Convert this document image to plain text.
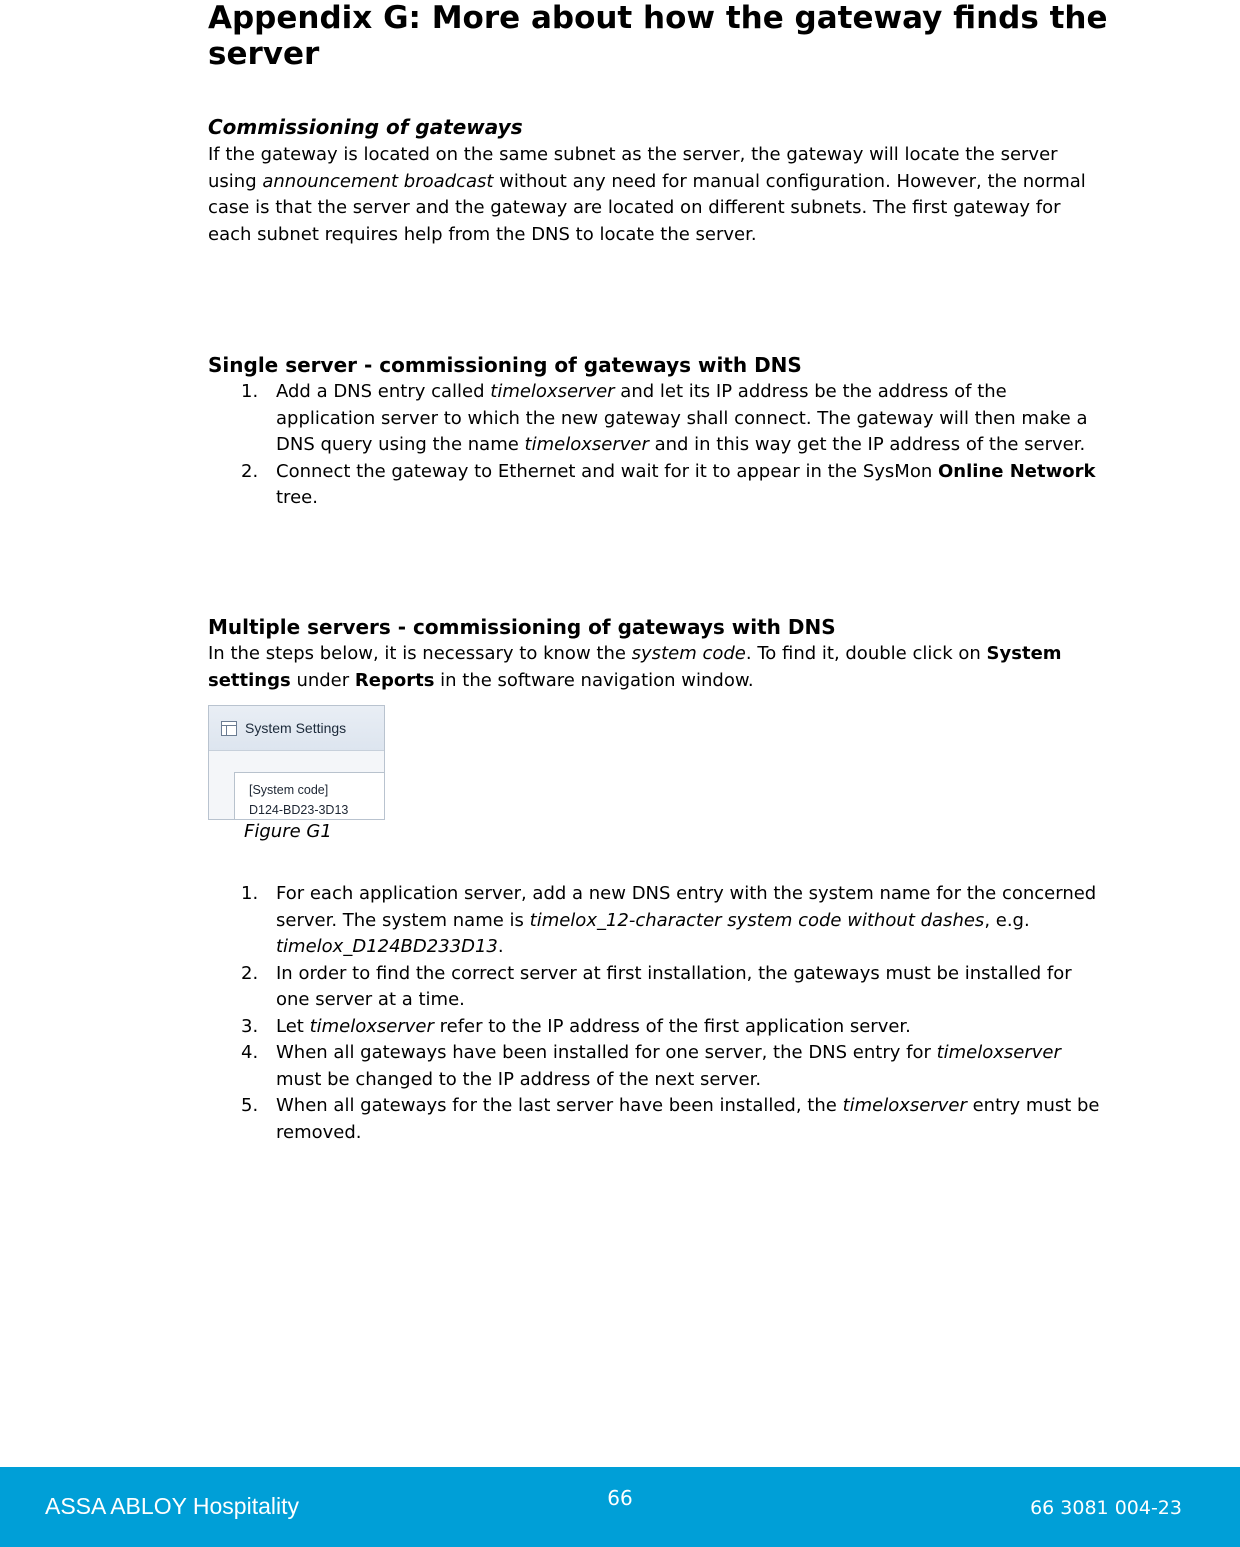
Appendix G: More about how the gateway finds the server

Commissioning of gateways

If the gateway is located on the same subnet as the server, the gateway will locate the server using announcement broadcast without any need for manual configuration. However, the normal case is that the server and the gateway are located on different subnets. The first gateway for each subnet requires help from the DNS to locate the server.

Single server - commissioning of gateways with DNS

1. Add a DNS entry called timeloxserver and let its IP address be the address of the application server to which the new gateway shall connect. The gateway will then make a DNS query using the name timeloxserver and in this way get the IP address of the server.
2. Connect the gateway to Ethernet and wait for it to appear in the SysMon Online Network tree.

Multiple servers - commissioning of gateways with DNS

In the steps below, it is necessary to know the system code. To find it, double click on System settings under Reports in the software navigation window.

System Settings
[System code]
D124-BD23-3D13
Figure G1
1. For each application server, add a new DNS entry with the system name for the concerned server. The system name is timelox_12-character system code without dashes, e.g. timelox_D124BD233D13.
2. In order to find the correct server at first installation, the gateways must be installed for one server at a time.
3. Let timeloxserver refer to the IP address of the first application server.
4. When all gateways have been installed for one server, the DNS entry for timeloxserver must be changed to the IP address of the next server.
5. When all gateways for the last server have been installed, the timeloxserver entry must be removed.
ASSA ABLOY Hospitality	66	66 3081 004-23
